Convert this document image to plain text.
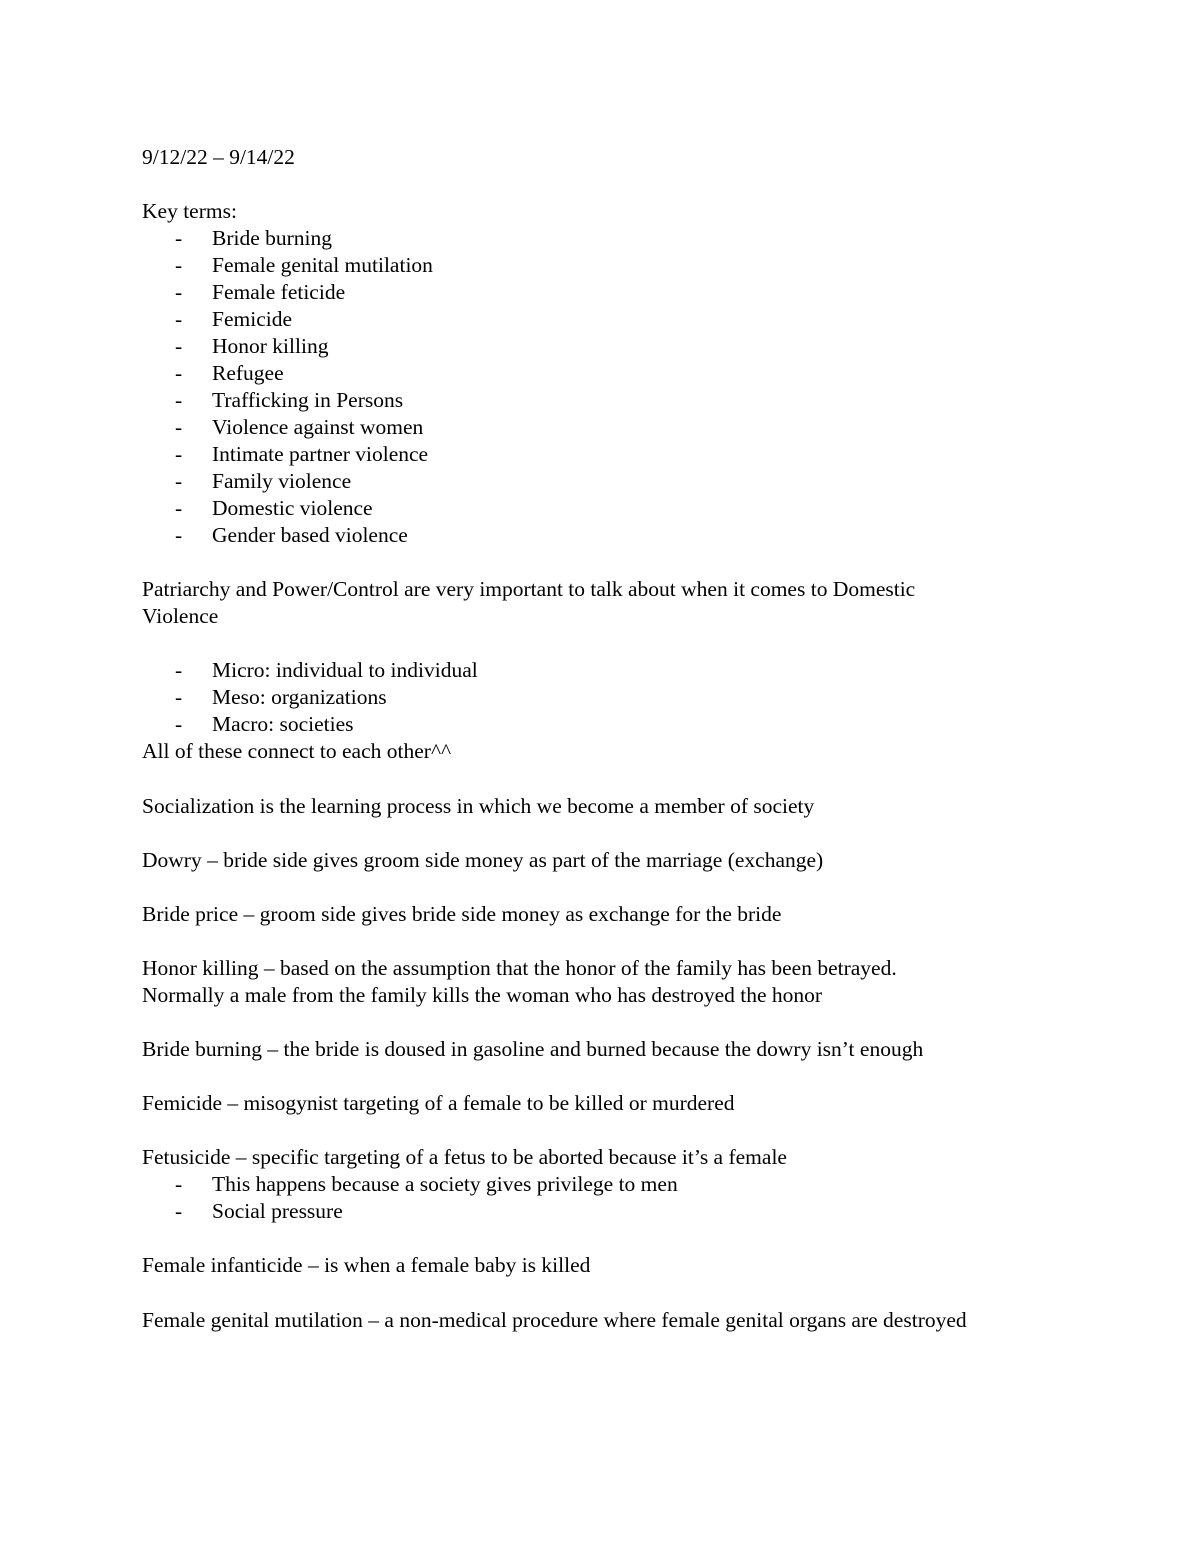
9/12/22 – 9/14/22
Key terms:
- Bride burning
- Female genital mutilation
- Female feticide
- Femicide
- Honor killing
- Refugee
- Trafficking in Persons
- Violence against women
- Intimate partner violence
- Family violence
- Domestic violence
- Gender based violence
Patriarchy and Power/Control are very important to talk about when it comes to Domestic
Violence
- Micro: individual to individual
- Meso: organizations
- Macro: societies
All of these connect to each other^^
Socialization is the learning process in which we become a member of society
Dowry – bride side gives groom side money as part of the marriage (exchange)
Bride price – groom side gives bride side money as exchange for the bride
Honor killing – based on the assumption that the honor of the family has been betrayed.
Normally a male from the family kills the woman who has destroyed the honor
Bride burning – the bride is doused in gasoline and burned because the dowry isn’t enough
Femicide – misogynist targeting of a female to be killed or murdered
Fetusicide – specific targeting of a fetus to be aborted because it’s a female
- This happens because a society gives privilege to men
- Social pressure
Female infanticide – is when a female baby is killed
Female genital mutilation – a non-medical procedure where female genital organs are destroyed
